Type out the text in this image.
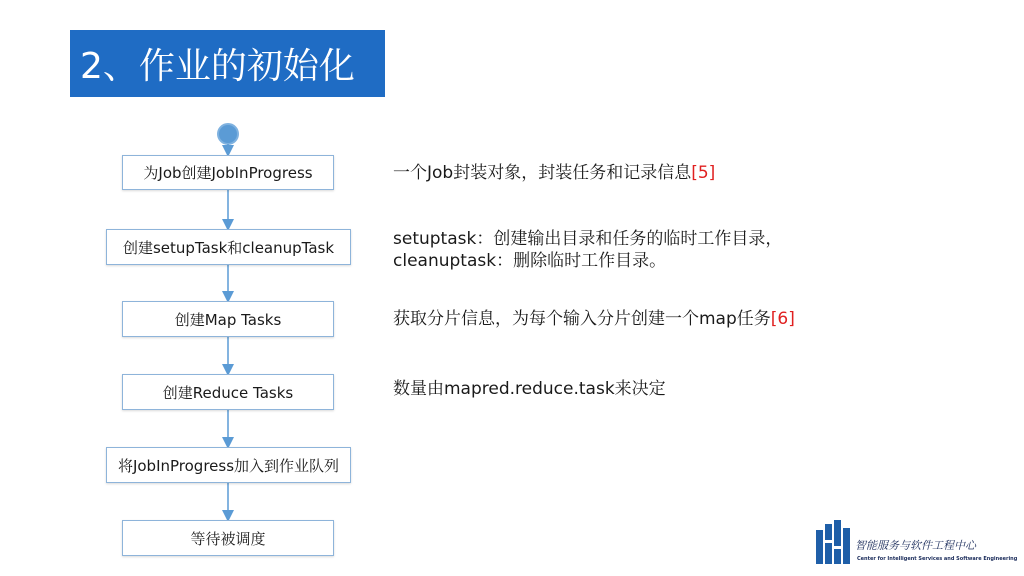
2、作业的初始化
为Job创建JobInProgress
创建setupTask和cleanupTask
创建Map Tasks
创建Reduce Tasks
将JobInProgress加入到作业队列
等待被调度
一个Job封装对象，封装任务和记录信息[5]
setuptask：创建输出目录和任务的临时工作目录，
cleanuptask：删除临时工作目录。
获取分片信息，为每个输入分片创建一个map任务[6]
数量由mapred.reduce.task来决定
智能服务与软件工程中心
Center for Intelligent Services and Software Engineering
